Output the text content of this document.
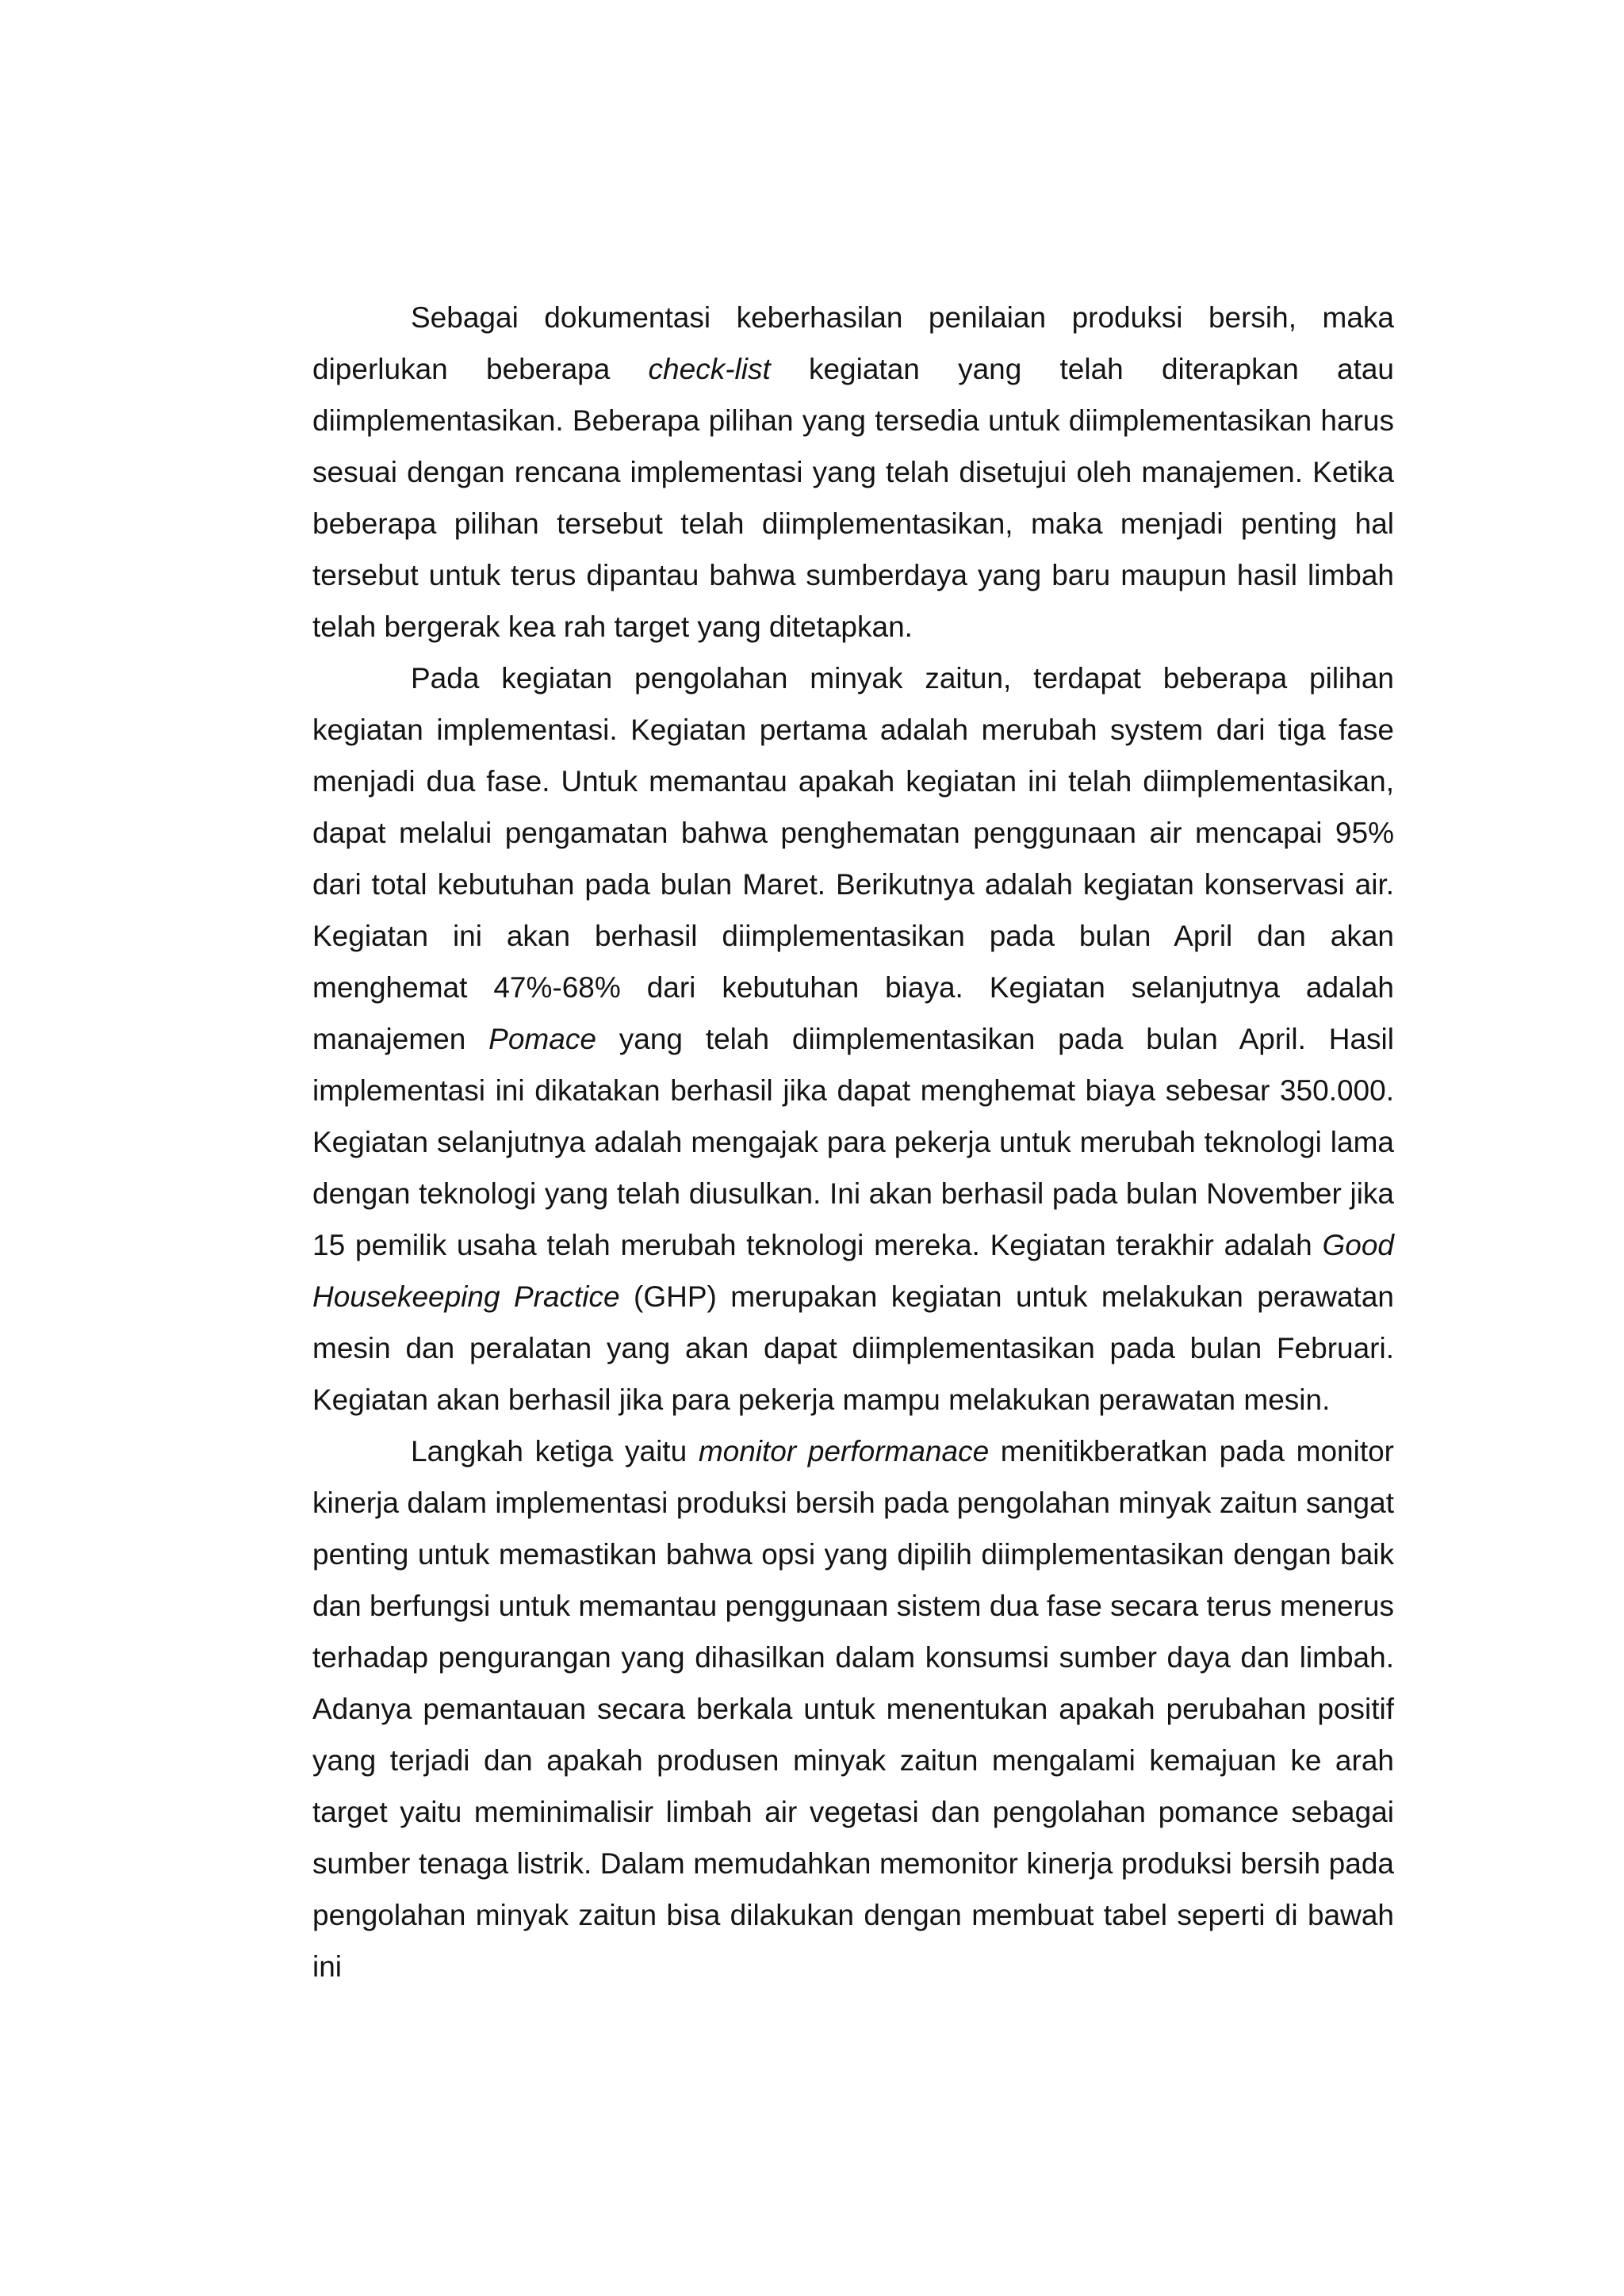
Sebagai dokumentasi keberhasilan penilaian produksi bersih, maka diperlukan beberapa check-list kegiatan yang telah diterapkan atau diimplementasikan. Beberapa pilihan yang tersedia untuk diimplementasikan harus sesuai dengan rencana implementasi yang telah disetujui oleh manajemen. Ketika beberapa pilihan tersebut telah diimplementasikan, maka menjadi penting hal tersebut untuk terus dipantau bahwa sumberdaya yang baru maupun hasil limbah telah bergerak kea rah target yang ditetapkan.

Pada kegiatan pengolahan minyak zaitun, terdapat beberapa pilihan kegiatan implementasi. Kegiatan pertama adalah merubah system dari tiga fase menjadi dua fase. Untuk memantau apakah kegiatan ini telah diimplementasikan, dapat melalui pengamatan bahwa penghematan penggunaan air mencapai 95% dari total kebutuhan pada bulan Maret. Berikutnya adalah kegiatan konservasi air. Kegiatan ini akan berhasil diimplementasikan pada bulan April dan akan menghemat 47%-68% dari kebutuhan biaya. Kegiatan selanjutnya adalah manajemen Pomace yang telah diimplementasikan pada bulan April. Hasil implementasi ini dikatakan berhasil jika dapat menghemat biaya sebesar 350.000. Kegiatan selanjutnya adalah mengajak para pekerja untuk merubah teknologi lama dengan teknologi yang telah diusulkan. Ini akan berhasil pada bulan November jika 15 pemilik usaha telah merubah teknologi mereka. Kegiatan terakhir adalah Good Housekeeping Practice (GHP) merupakan kegiatan untuk melakukan perawatan mesin dan peralatan yang akan dapat diimplementasikan pada bulan Februari. Kegiatan akan berhasil jika para pekerja mampu melakukan perawatan mesin.

Langkah ketiga yaitu monitor performanace menitikberatkan pada monitor kinerja dalam implementasi produksi bersih pada pengolahan minyak zaitun sangat penting untuk memastikan bahwa opsi yang dipilih diimplementasikan dengan baik dan berfungsi untuk memantau penggunaan sistem dua fase secara terus menerus terhadap pengurangan yang dihasilkan dalam konsumsi sumber daya dan limbah. Adanya pemantauan secara berkala untuk menentukan apakah perubahan positif yang terjadi dan apakah produsen minyak zaitun mengalami kemajuan ke arah target yaitu meminimalisir limbah air vegetasi dan pengolahan pomance sebagai sumber tenaga listrik. Dalam memudahkan memonitor kinerja produksi bersih pada pengolahan minyak zaitun bisa dilakukan dengan membuat tabel seperti di bawah ini
